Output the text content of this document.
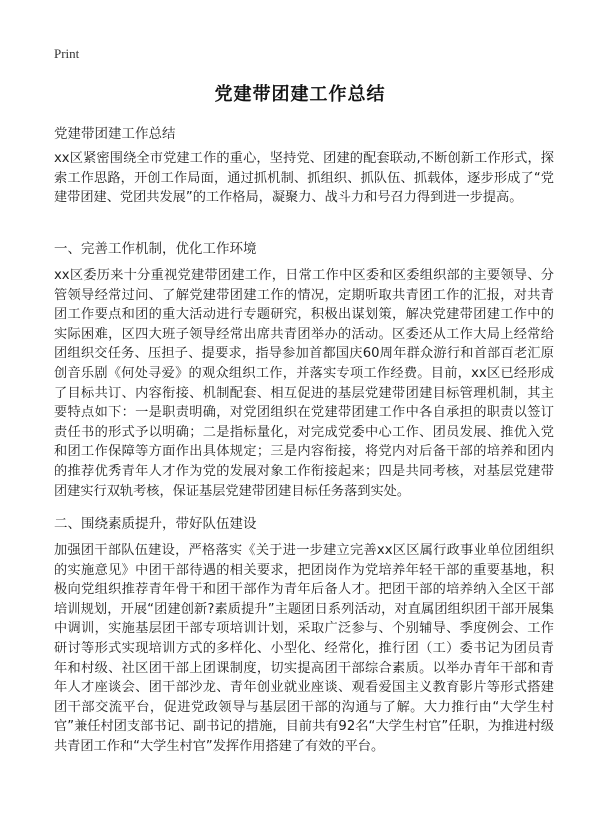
Print
党建带团建工作总结
党建带团建工作总结

xx区紧密围绕全市党建工作的重心，坚持党、团建的配套联动,不断创新工作形式，探索工作思路，开创工作局面，通过抓机制、抓组织、抓队伍、抓载体，逐步形成了“党建带团建、党团共发展”的工作格局，凝聚力、战斗力和号召力得到进一步提高。

一、完善工作机制，优化工作环境

xx区委历来十分重视党建带团建工作，日常工作中区委和区委组织部的主要领导、分管领导经常过问、了解党建带团建工作的情况，定期听取共青团工作的汇报，对共青团工作要点和团的重大活动进行专题研究，积极出谋划策，解决党建带团建工作中的实际困难，区四大班子领导经常出席共青团举办的活动。区委还从工作大局上经常给团组织交任务、压担子、提要求，指导参加首都国庆60周年群众游行和首部百老汇原创音乐剧《何处寻爱》的观众组织工作，并落实专项工作经费。目前，xx区已经形成了目标共订、内容衔接、机制配套、相互促进的基层党建带团建目标管理机制，其主要特点如下：一是职责明确，对党团组织在党建带团建工作中各自承担的职责以签订责任书的形式予以明确；二是指标量化，对完成党委中心工作、团员发展、推优入党和团工作保障等方面作出具体规定；三是内容衔接，将党内对后备干部的培养和团内的推荐优秀青年人才作为党的发展对象工作衔接起来；四是共同考核，对基层党建带团建实行双轨考核，保证基层党建带团建目标任务落到实处。

二、围绕素质提升，带好队伍建设

加强团干部队伍建设，严格落实《关于进一步建立完善xx区区属行政事业单位团组织的实施意见》中团干部待遇的相关要求，把团岗作为党培养年轻干部的重要基地，积极向党组织推荐青年骨干和团干部作为青年后备人才。把团干部的培养纳入全区干部培训规划，开展“团建创新?素质提升”主题团日系列活动，对直属团组织团干部开展集中调训，实施基层团干部专项培训计划，采取广泛参与、个别辅导、季度例会、工作研讨等形式实现培训方式的多样化、小型化、经常化，推行团（工）委书记为团员青年和村级、社区团干部上团课制度，切实提高团干部综合素质。以举办青年干部和青年人才座谈会、团干部沙龙、青年创业就业座谈、观看爱国主义教育影片等形式搭建团干部交流平台，促进党政领导与基层团干部的沟通与了解。大力推行由“大学生村官”兼任村团支部书记、副书记的措施，目前共有92名“大学生村官”任职，为推进村级共青团工作和“大学生村官”发挥作用搭建了有效的平台。
